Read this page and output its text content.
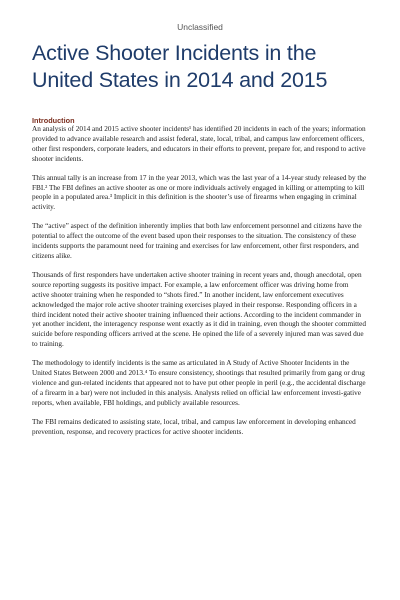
Unclassified
Active Shooter Incidents in the United States in 2014 and 2015
Introduction

An analysis of 2014 and 2015 active shooter incidents¹ has identified 20 incidents in each of the years; information provided to advance available research and assist federal, state, local, tribal, and campus law enforcement officers, other first responders, corporate leaders, and educators in their efforts to prevent, prepare for, and respond to active shooter incidents.

This annual tally is an increase from 17 in the year 2013, which was the last year of a 14-year study released by the FBI.² The FBI defines an active shooter as one or more individuals actively engaged in killing or attempting to kill people in a populated area.³ Implicit in this definition is the shooter’s use of firearms when engaging in criminal activity.

The “active” aspect of the definition inherently implies that both law enforcement personnel and citizens have the potential to affect the outcome of the event based upon their responses to the situation. The consistency of these incidents supports the paramount need for training and exercises for law enforcement, other first responders, and citizens alike.

Thousands of first responders have undertaken active shooter training in recent years and, though anecdotal, open source reporting suggests its positive impact. For example, a law enforcement officer was driving home from active shooter training when he responded to “shots fired.” In another incident, law enforcement executives acknowledged the major role active shooter training exercises played in their response. Responding officers in a third incident noted their active shooter training influenced their actions. According to the incident commander in yet another incident, the interagency response went exactly as it did in training, even though the shooter committed suicide before responding officers arrived at the scene. He opined the life of a severely injured man was saved due to training.

The methodology to identify incidents is the same as articulated in A Study of Active Shooter Incidents in the United States Between 2000 and 2013.⁴ To ensure consistency, shootings that resulted primarily from gang or drug violence and gun-related incidents that appeared not to have put other people in peril (e.g., the accidental discharge of a firearm in a bar) were not included in this analysis. Analysts relied on official law enforcement investi-gative reports, when available, FBI holdings, and publicly available resources.

The FBI remains dedicated to assisting state, local, tribal, and campus law enforcement in developing enhanced prevention, response, and recovery practices for active shooter incidents.
